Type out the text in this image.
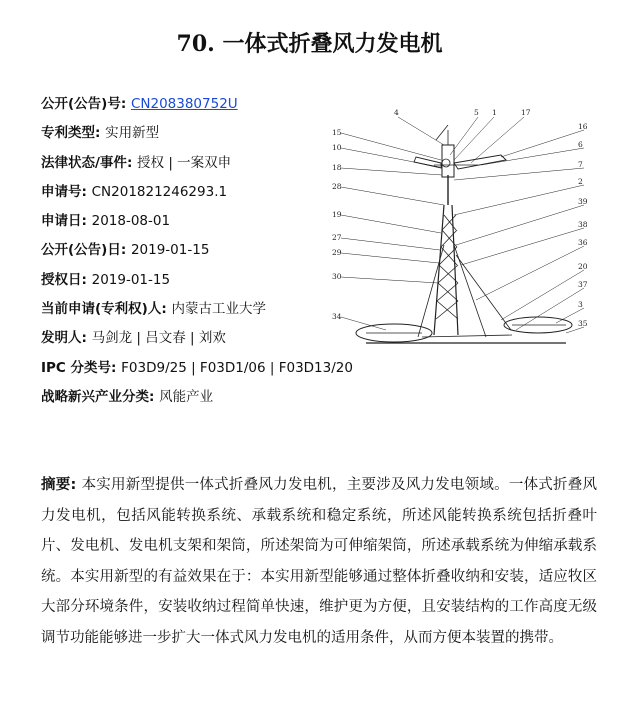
70. 一体式折叠风力发电机
公开(公告)号: CN208380752U
专利类型: 实用新型
法律状态/事件: 授权 | 一案双申
申请号: CN201821246293.1
申请日: 2018-08-01
公开(公告)日: 2019-01-15
授权日: 2019-01-15
当前申请(专利权)人: 内蒙古工业大学
发明人: 马剑龙 | 吕文春 | 刘欢
IPC 分类号: F03D9/25 | F03D1/06 | F03D13/20
战略新兴产业分类: 风能产业
15
10
18
28
19
27
29
30
34
4	5 1	17
16
6
7
2
39
38
36
20
37
3
35
摘要: 本实用新型提供一体式折叠风力发电机，主要涉及风力发电领域。一体式折叠风力发电机，包括风能转换系统、承载系统和稳定系统，所述风能转换系统包括折叠叶片、发电机、发电机支架和架筒，所述架筒为可伸缩架筒，所述承载系统为伸缩承载系统。本实用新型的有益效果在于：本实用新型能够通过整体折叠收纳和安装，适应牧区大部分环境条件，安装收纳过程简单快速，维护更为方便，且安装结构的工作高度无级调节功能能够进一步扩大一体式风力发电机的适用条件，从而方便本装置的携带。
